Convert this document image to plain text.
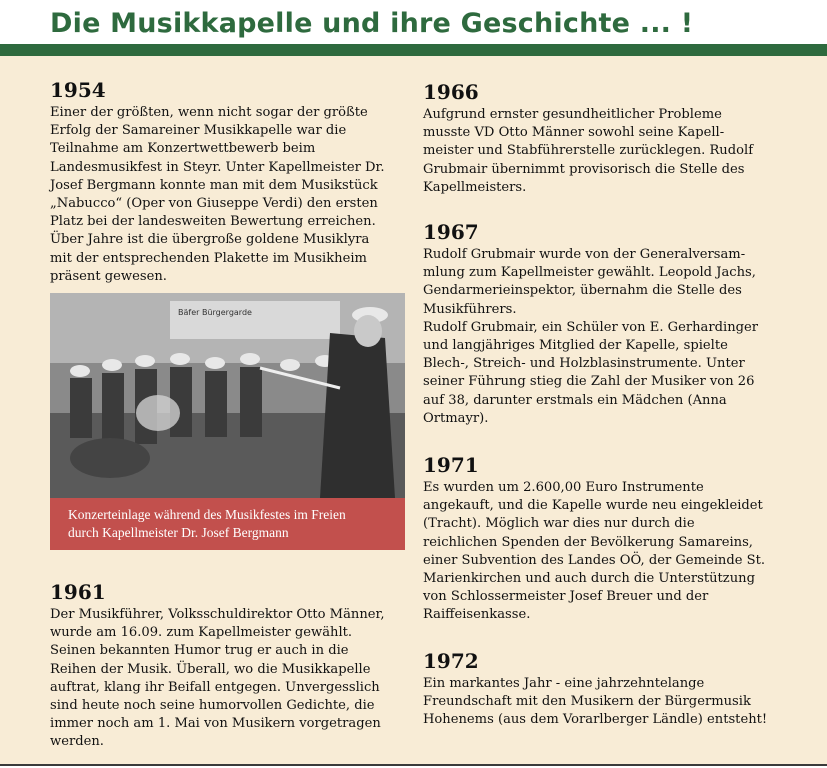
Die Musikkapelle und ihre Geschichte ... !
1954

Einer der größten, wenn nicht sogar der größte Erfolg der Samareiner Musikkapelle war die Teilnahme am Konzertwettbewerb beim Landesmusikfest in Steyr. Unter Kapellmeister Dr. Josef Bergmann konnte man mit dem Musikstück „Nabucco“ (Oper von Giuseppe Verdi) den ersten Platz bei der landesweiten Bewertung erreichen. Über Jahre ist die übergroße goldene Musiklyra mit der entsprechenden Plakette im Musikheim präsent gewesen.

Bäfer Bürgergarde
Konzerteinlage während des Musikfestes im Freien
durch Kapellmeister Dr. Josef Bergmann
1961

Der Musikführer, Volksschuldirektor Otto Männer, wurde am 16.09. zum Kapellmeister gewählt. Seinen bekannten Humor trug er auch in die Reihen der Musik. Überall, wo die Musikkapelle auftrat, klang ihr Beifall entgegen. Unvergesslich sind heute noch seine humorvollen Gedichte, die immer noch am 1. Mai von Musikern vorgetragen werden.

1966

Aufgrund ernster gesundheitlicher Probleme musste VD Otto Männer sowohl seine Kapell-meister und Stabführerstelle zurücklegen. Rudolf Grubmair übernimmt provisorisch die Stelle des Kapellmeisters.

1967

Rudolf Grubmair wurde von der Generalversam-mlung zum Kapellmeister gewählt. Leopold Jachs, Gendarmerieinspektor, übernahm die Stelle des Musikführers.

Rudolf Grubmair, ein Schüler von E. Gerhardinger und langjähriges Mitglied der Kapelle, spielte Blech-, Streich- und Holzblasinstrumente. Unter seiner Führung stieg die Zahl der Musiker von 26 auf 38, darunter erstmals ein Mädchen (Anna Ortmayr).

1971

Es wurden um 2.600,00 Euro Instrumente angekauft, und die Kapelle wurde neu eingekleidet (Tracht). Möglich war dies nur durch die reichlichen Spenden der Bevölkerung Samareins, einer Subvention des Landes OÖ, der Gemeinde St. Marienkirchen und auch durch die Unterstützung von Schlossermeister Josef Breuer und der Raiffeisenkasse.

1972

Ein markantes Jahr - eine jahrzehntelange Freundschaft mit den Musikern der Bürgermusik Hohenems (aus dem Vorarlberger Ländle) entsteht!
